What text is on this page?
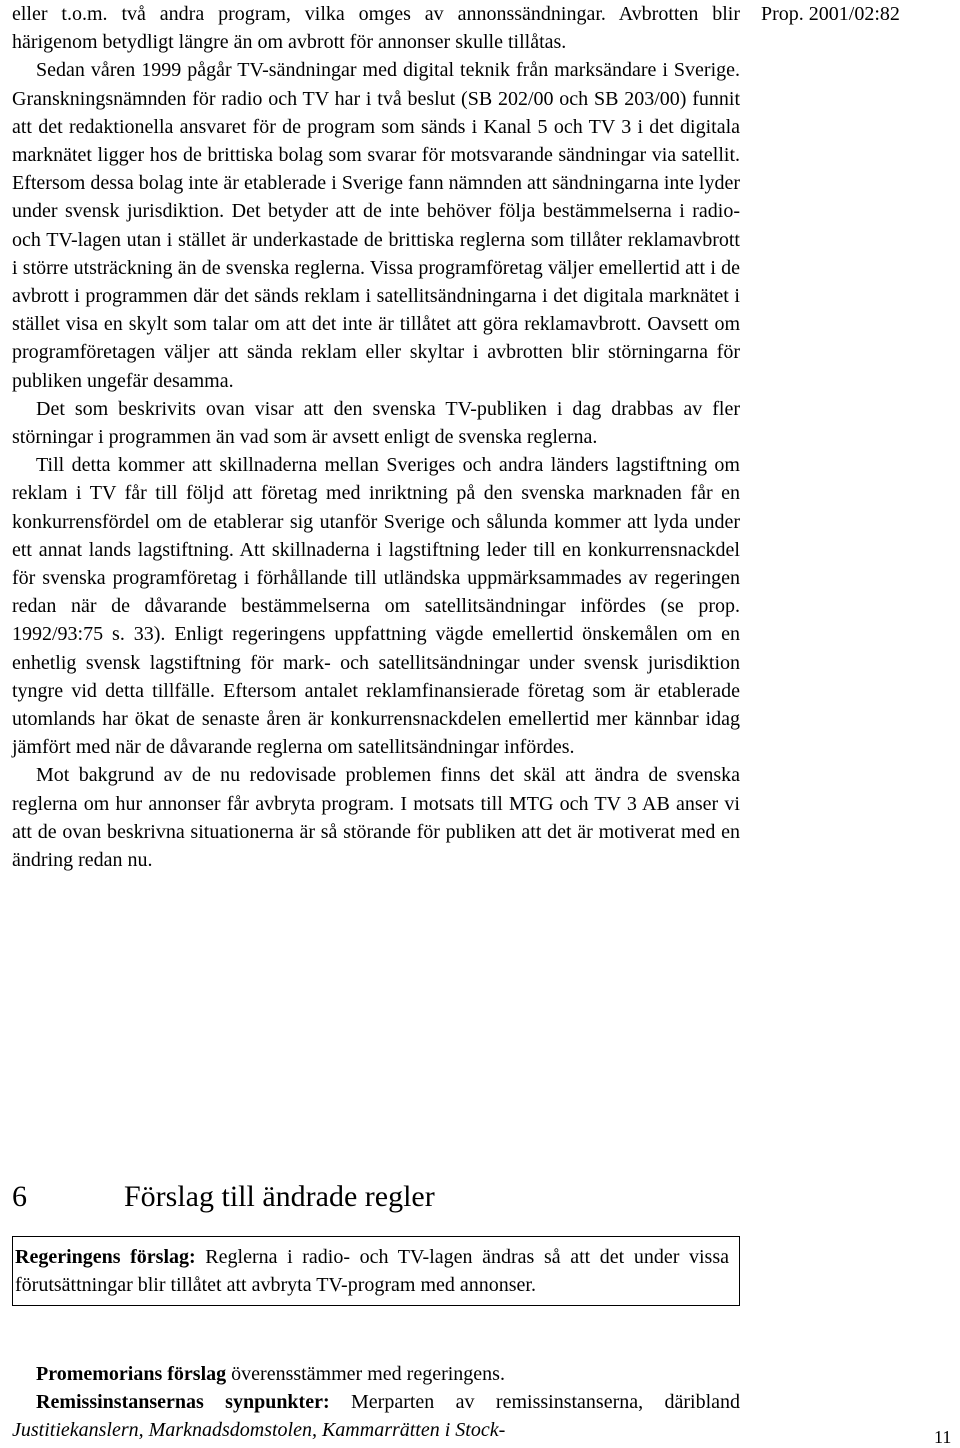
Prop. 2001/02:82

eller t.o.m. två andra program, vilka omges av annonssändningar. Avbrotten blir härigenom betydligt längre än om avbrott för annonser skulle tillåtas.

Sedan våren 1999 pågår TV-sändningar med digital teknik från marksändare i Sverige. Granskningsnämnden för radio och TV har i två beslut (SB 202/00 och SB 203/00) funnit att det redaktionella ansvaret för de program som sänds i Kanal 5 och TV 3 i det digitala marknätet ligger hos de brittiska bolag som svarar för motsvarande sändningar via satellit. Eftersom dessa bolag inte är etablerade i Sverige fann nämnden att sändningarna inte lyder under svensk jurisdiktion. Det betyder att de inte behöver följa bestämmelserna i radio- och TV-lagen utan i stället är underkastade de brittiska reglerna som tillåter reklamavbrott i större utsträckning än de svenska reglerna. Vissa programföretag väljer emellertid att i de avbrott i programmen där det sänds reklam i satellitsändningarna i det digitala marknätet i stället visa en skylt som talar om att det inte är tillåtet att göra reklamavbrott. Oavsett om programföretagen väljer att sända reklam eller skyltar i avbrotten blir störningarna för publiken ungefär desamma.

Det som beskrivits ovan visar att den svenska TV-publiken i dag drabbas av fler störningar i programmen än vad som är avsett enligt de svenska reglerna.

Till detta kommer att skillnaderna mellan Sveriges och andra länders lagstiftning om reklam i TV får till följd att företag med inriktning på den svenska marknaden får en konkurrensfördel om de etablerar sig utanför Sverige och sålunda kommer att lyda under ett annat lands lagstiftning. Att skillnaderna i lagstiftning leder till en konkurrensnackdel för svenska programföretag i förhållande till utländska uppmärksammades av regeringen redan när de dåvarande bestämmelserna om satellitsändningar infördes (se prop. 1992/93:75 s. 33). Enligt regeringens uppfattning vägde emellertid önskemålen om en enhetlig svensk lagstiftning för mark- och satellitsändningar under svensk jurisdiktion tyngre vid detta tillfälle. Eftersom antalet reklamfinansierade företag som är etablerade utomlands har ökat de senaste åren är konkurrensnackdelen emellertid mer kännbar idag jämfört med när de dåvarande reglerna om satellitsändningar infördes.

Mot bakgrund av de nu redovisade problemen finns det skäl att ändra de svenska reglerna om hur annonser får avbryta program. I motsats till MTG och TV 3 AB anser vi att de ovan beskrivna situationerna är så störande för publiken att det är motiverat med en ändring redan nu.

6	Förslag till ändrade regler
Regeringens förslag: Reglerna i radio- och TV-lagen ändras så att det under vissa förutsättningar blir tillåtet att avbryta TV-program med annonser.

Promemorians förslag överensstämmer med regeringens.

Remissinstansernas synpunkter: Merparten av remissinstanserna, däribland Justitiekanslern, Marknadsdomstolen, Kammarrätten i Stock-	11
